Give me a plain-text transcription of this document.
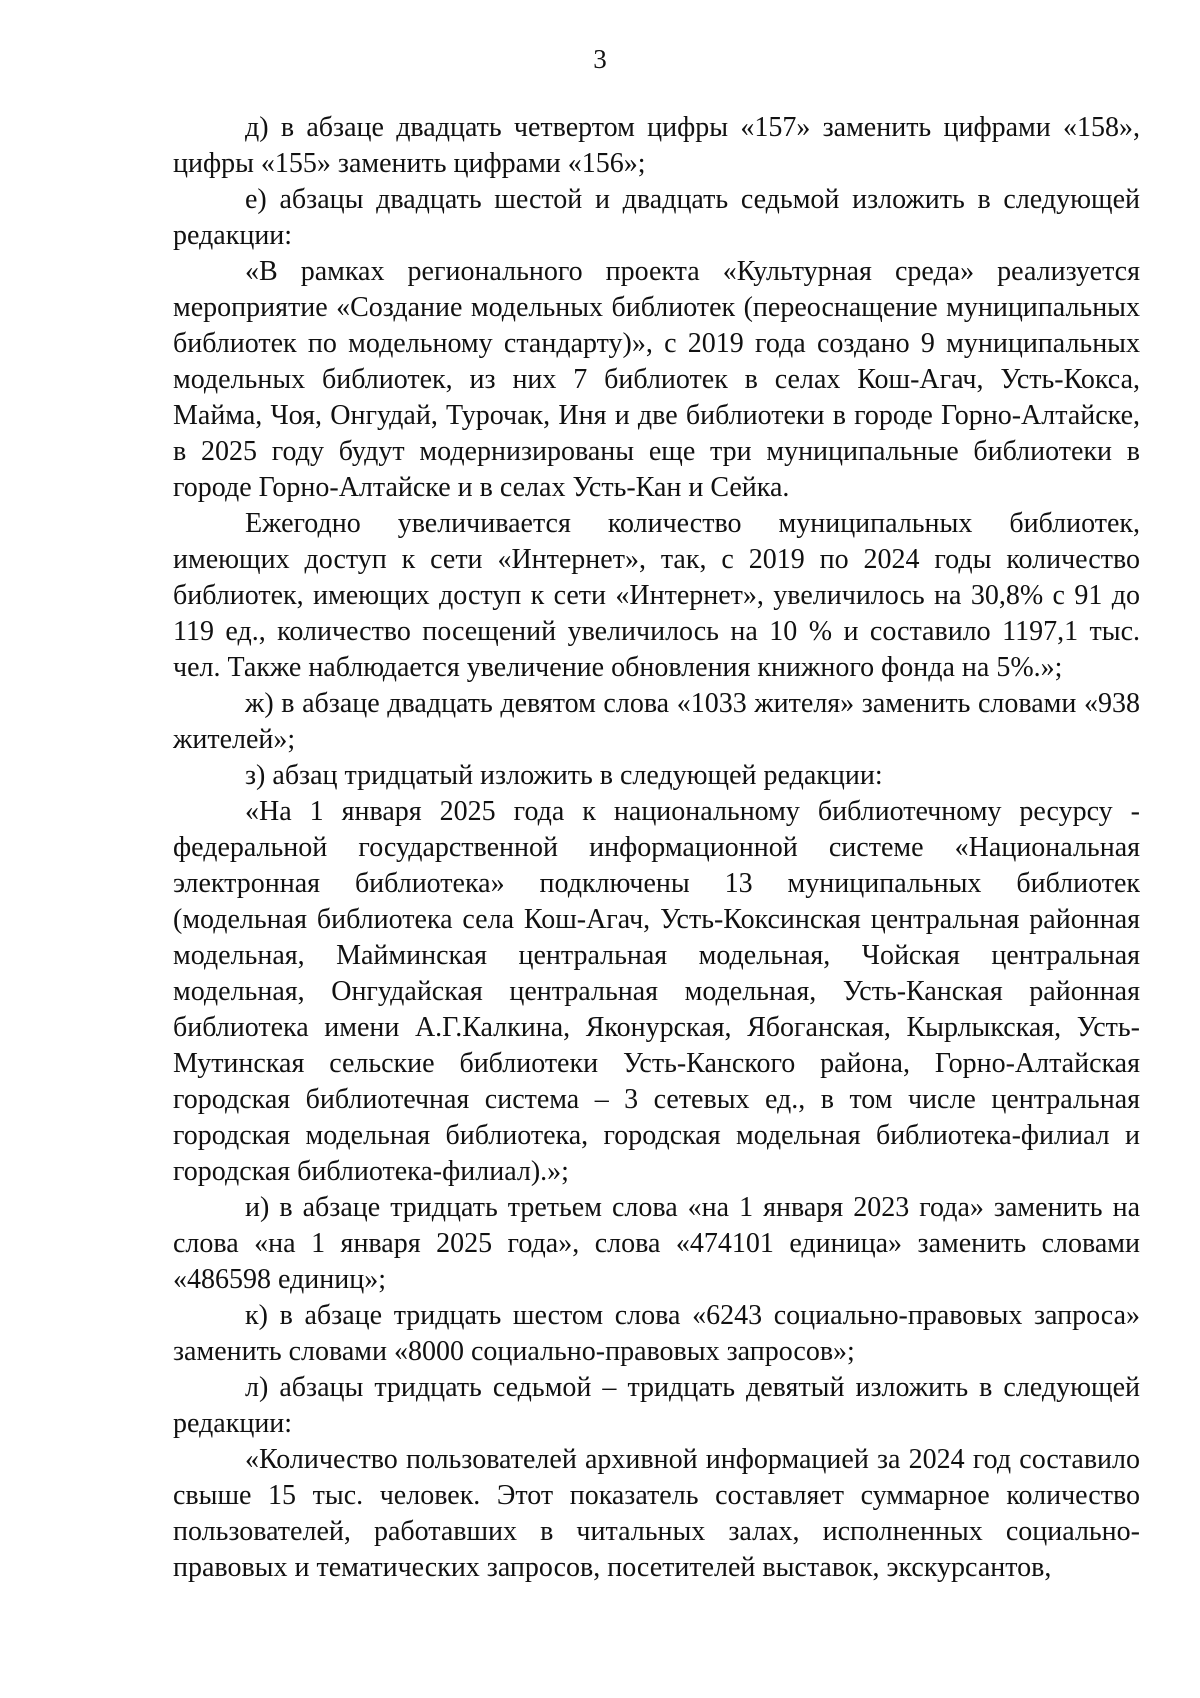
3

д) в абзаце двадцать четвертом цифры «157» заменить цифрами «158», цифры «155» заменить цифрами «156»;

е) абзацы двадцать шестой и двадцать седьмой изложить в следующей редакции:

«В рамках регионального проекта «Культурная среда» реализуется мероприятие «Создание модельных библиотек (переоснащение муниципальных библиотек по модельному стандарту)», с 2019 года создано 9 муниципальных модельных библиотек, из них 7 библиотек в селах Кош-Агач, Усть-Кокса, Майма, Чоя, Онгудай, Турочак, Иня и две библиотеки в городе Горно-Алтайске, в 2025 году будут модернизированы еще три муниципальные библиотеки в городе Горно-Алтайске и в селах Усть-Кан и Сейка.

Ежегодно увеличивается количество муниципальных библиотек, имеющих доступ к сети «Интернет», так, с 2019 по 2024 годы количество библиотек, имеющих доступ к сети «Интернет», увеличилось на 30,8% с 91 до 119 ед., количество посещений увеличилось на 10 % и составило 1197,1 тыс. чел. Также наблюдается увеличение обновления книжного фонда на 5%.»;

ж) в абзаце двадцать девятом слова «1033 жителя» заменить словами «938 жителей»;

з) абзац тридцатый изложить в следующей редакции:

«На 1 января 2025 года к национальному библиотечному ресурсу - федеральной государственной информационной системе «Национальная электронная библиотека» подключены 13 муниципальных библиотек (модельная библиотека села Кош-Агач, Усть-Коксинская центральная районная модельная, Майминская центральная модельная, Чойская центральная модельная, Онгудайская центральная модельная, Усть-Канская районная библиотека имени А.Г.Калкина, Яконурская, Ябоганская, Кырлыкская, Усть-Мутинская сельские библиотеки Усть-Канского района, Горно-Алтайская городская библиотечная система – 3 сетевых ед., в том числе центральная городская модельная библиотека, городская модельная библиотека-филиал и городская библиотека-филиал).»;

и) в абзаце тридцать третьем слова «на 1 января 2023 года» заменить на слова «на 1 января 2025 года», слова «474101 единица» заменить словами «486598 единиц»;

к) в абзаце тридцать шестом слова «6243 социально-правовых запроса» заменить словами «8000 социально-правовых запросов»;

л) абзацы тридцать седьмой – тридцать девятый изложить в следующей редакции:

«Количество пользователей архивной информацией за 2024 год составило свыше 15 тыс. человек. Этот показатель составляет суммарное количество пользователей, работавших в читальных залах, исполненных социально-правовых и тематических запросов, посетителей выставок, экскурсантов,
